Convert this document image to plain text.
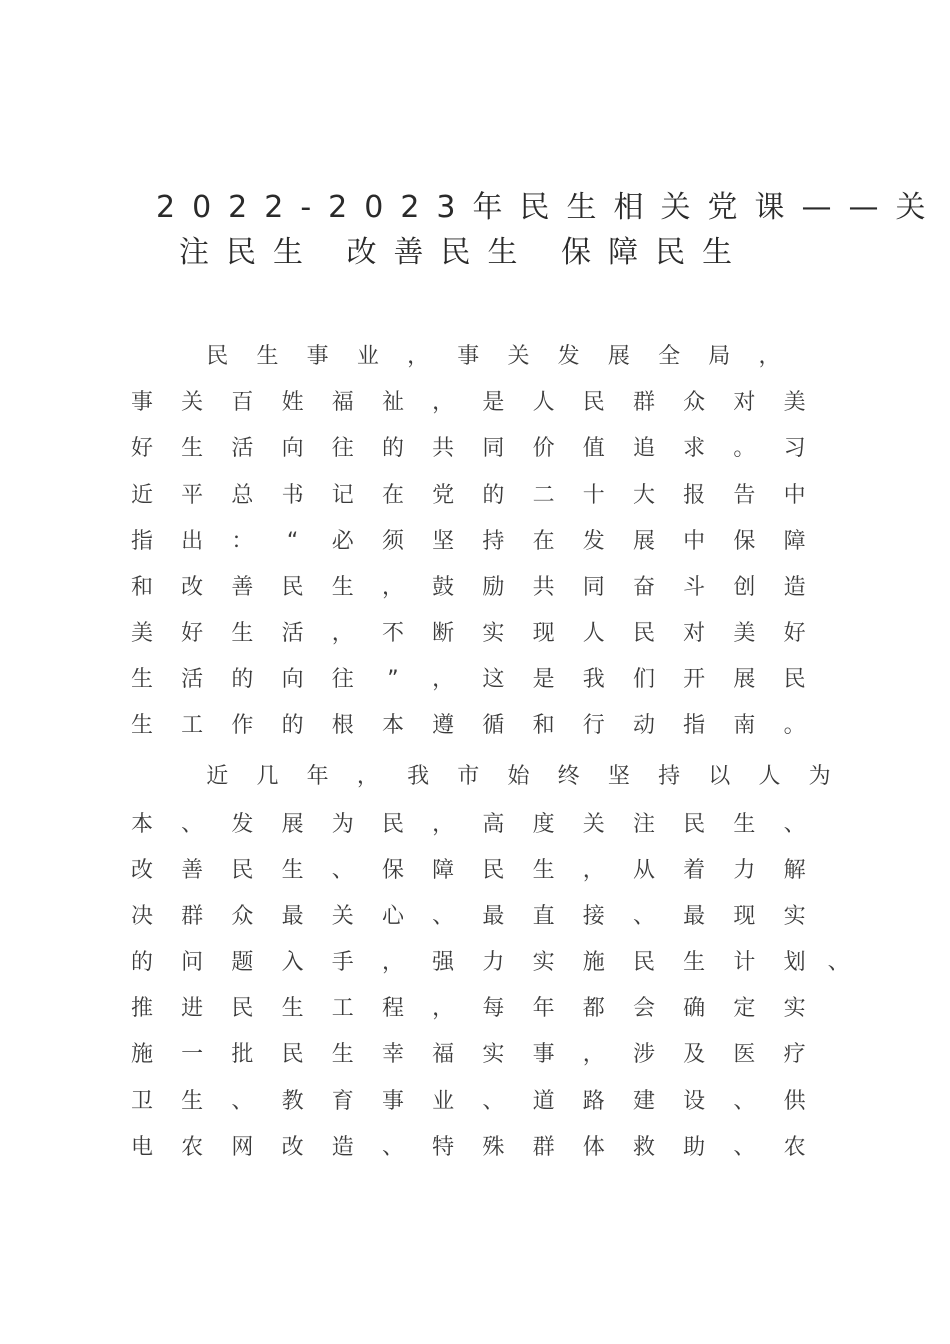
2022-2023年民生相关党课——关
注民生 改善民生 保障民生
民 生 事 业 ， 事 关 发 展 全 局 ，
事 关 百 姓 福 祉 ， 是 人 民 群 众 对 美
好 生 活 向 往 的 共 同 价 值 追 求 。 习
近 平 总 书 记 在 党 的 二 十 大 报 告 中
指 出 ： “ 必 须 坚 持 在 发 展 中 保 障
和 改 善 民 生 ， 鼓 励 共 同 奋 斗 创 造
美 好 生 活 ， 不 断 实 现 人 民 对 美 好
生 活 的 向 往 ” ， 这 是 我 们 开 展 民
生 工 作 的 根 本 遵 循 和 行 动 指 南 。
近 几 年 ， 我 市 始 终 坚 持 以 人 为
本 、 发 展 为 民 ， 高 度 关 注 民 生 、
改 善 民 生 、 保 障 民 生 ， 从 着 力 解
决 群 众 最 关 心 、 最 直 接 、 最 现 实
的 问 题 入 手 ， 强 力 实 施 民 生 计 划 、
推 进 民 生 工 程 ， 每 年 都 会 确 定 实
施 一 批 民 生 幸 福 实 事 ， 涉 及 医 疗
卫 生 、 教 育 事 业 、 道 路 建 设 、 供
电 农 网 改 造 、 特 殊 群 体 救 助 、 农
